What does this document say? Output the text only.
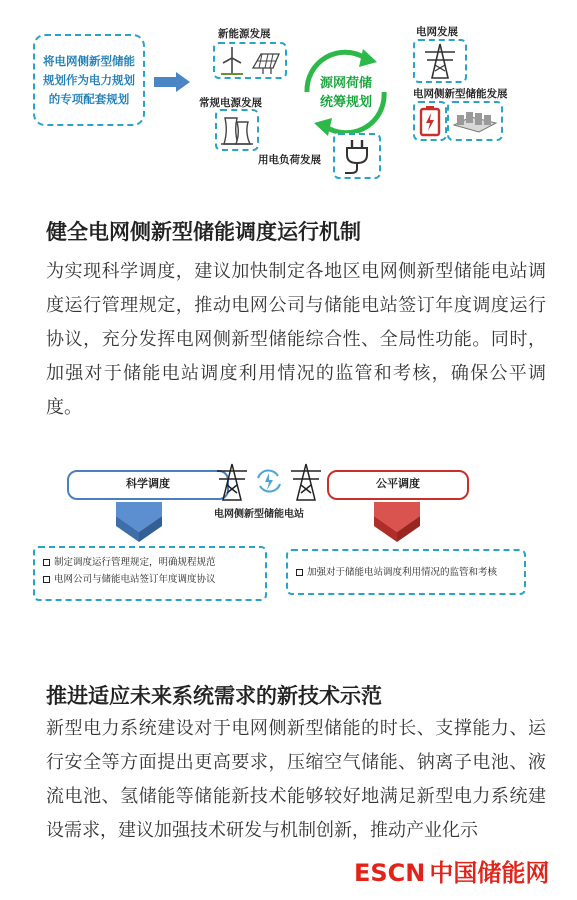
将电网侧新型储能规划作为电力规划的专项配套规划
源网荷储
统筹规划
新能源发展
常规电源发展
用电负荷发展
电网发展
电网侧新型储能发展
健全电网侧新型储能调度运行机制
为实现科学调度，建议加快制定各地区电网侧新型储能电站调度运行管理规定，推动电网公司与储能电站签订年度调度运行协议，充分发挥电网侧新型储能综合性、全局性功能。同时，加强对于储能电站调度利用情况的监管和考核，确保公平调度。
科学调度	公平调度
电网侧新型储能电站
制定调度运行管理规定，明确规程规范
电网公司与储能电站签订年度调度协议
加强对于储能电站调度利用情况的监管和考核
推进适应未来系统需求的新技术示范
新型电力系统建设对于电网侧新型储能的时长、支撑能力、运行安全等方面提出更高要求，压缩空气储能、钠离子电池、液流电池、氢储能等储能新技术能够较好地满足新型电力系统建设需求，建议加强技术研发与机制创新，推动产业化示
ESCN 中国储能网
